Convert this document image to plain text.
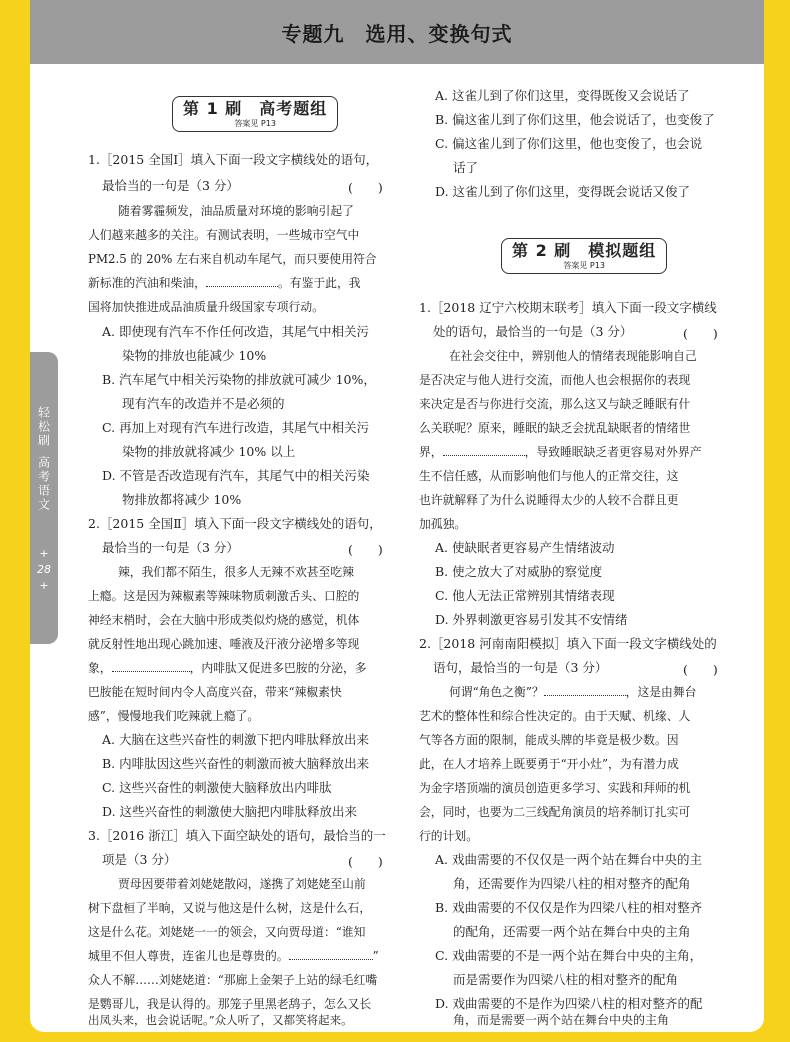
专题九　选用、变换句式
轻松刷
高考语文
+
28
+
第 1 刷　高考题组
答案见 P13
1.［2015 全国Ⅰ］填入下面一段文字横线处的语句，
最恰当的一句是（3 分）	(　　)
随着雾霾频发，油品质量对环境的影响引起了
人们越来越多的关注。有测试表明，一些城市空气中
PM2.5 的 20% 左右来自机动车尾气，而只要使用符合
新标准的汽油和柴油，	。有鉴于此，我
国将加快推进成品油质量升级国家专项行动。
A. 即使现有汽车不作任何改造，其尾气中相关污
染物的排放也能减少 10%
B. 汽车尾气中相关污染物的排放就可减少 10%，
现有汽车的改造并不是必须的
C. 再加上对现有汽车进行改造，其尾气中相关污
染物的排放就将减少 10% 以上
D. 不管是否改造现有汽车，其尾气中的相关污染
物排放都将减少 10%
2.［2015 全国Ⅱ］填入下面一段文字横线处的语句，
最恰当的一句是（3 分）	(　　)
辣，我们都不陌生，很多人无辣不欢甚至吃辣
上瘾。这是因为辣椒素等辣味物质刺激舌头、口腔的
神经末梢时，会在大脑中形成类似灼烧的感觉，机体
就反射性地出现心跳加速、唾液及汗液分泌增多等现
象，	，内啡肽又促进多巴胺的分泌，多
巴胺能在短时间内令人高度兴奋，带来“辣椒素快
感”，慢慢地我们吃辣就上瘾了。
A. 大脑在这些兴奋性的刺激下把内啡肽释放出来
B. 内啡肽因这些兴奋性的刺激而被大脑释放出来
C. 这些兴奋性的刺激使大脑释放出内啡肽
D. 这些兴奋性的刺激使大脑把内啡肽释放出来
3.［2016 浙江］填入下面空缺处的语句，最恰当的一
项是（3 分）	(　　)
贾母因要带着刘姥姥散闷，遂携了刘姥姥至山前
树下盘桓了半晌，又说与他这是什么树，这是什么石，
这是什么花。刘姥姥一一的领会，又向贾母道：“谁知
城里不但人尊贵，连雀儿也是尊贵的。	”
众人不解……刘姥姥道：“那廊上金架子上站的绿毛红嘴
是鹦哥儿，我是认得的。那笼子里黑老鸹子，怎么又长
A. 这雀儿到了你们这里，变得既俊又会说话了
B. 偏这雀儿到了你们这里，他会说话了，也变俊了
C. 偏这雀儿到了你们这里，他也变俊了，也会说
话了
D. 这雀儿到了你们这里，变得既会说话又俊了
第 2 刷　模拟题组
答案见 P13
1.［2018 辽宁六校期末联考］填入下面一段文字横线
处的语句，最恰当的一句是（3 分）	(　　)
在社会交往中，辨别他人的情绪表现能影响自己
是否决定与他人进行交流，而他人也会根据你的表现
来决定是否与你进行交流，那么这又与缺乏睡眠有什
么关联呢？原来，睡眠的缺乏会扰乱缺眠者的情绪世
界，	，导致睡眠缺乏者更容易对外界产
生不信任感，从而影响他们与他人的正常交往，这
也许就解释了为什么说睡得太少的人较不合群且更
加孤独。
A. 使缺眠者更容易产生情绪波动
B. 使之放大了对威胁的察觉度
C. 他人无法正常辨别其情绪表现
D. 外界刺激更容易引发其不安情绪
2.［2018 河南南阳模拟］填入下面一段文字横线处的
语句，最恰当的一句是（3 分）	(　　)
何谓“角色之衡”？	，这是由舞台
艺术的整体性和综合性决定的。由于天赋、机缘、人
气等各方面的限制，能成头牌的毕竟是极少数。因
此，在人才培养上既要勇于“开小灶”，为有潜力成
为金字塔顶端的演员创造更多学习、实践和拜师的机
会，同时，也要为二三线配角演员的培养制订扎实可
行的计划。
A. 戏曲需要的不仅仅是一两个站在舞台中央的主
角，还需要作为四梁八柱的相对整齐的配角
B. 戏曲需要的不仅仅是作为四梁八柱的相对整齐
的配角，还需要一两个站在舞台中央的主角
C. 戏曲需要的不是一两个站在舞台中央的主角，
而是需要作为四梁八柱的相对整齐的配角
D. 戏曲需要的不是作为四梁八柱的相对整齐的配
角，而是需要一两个站在舞台中央的主角
出凤头来，也会说话呢。”众人听了，又都笑将起来。
